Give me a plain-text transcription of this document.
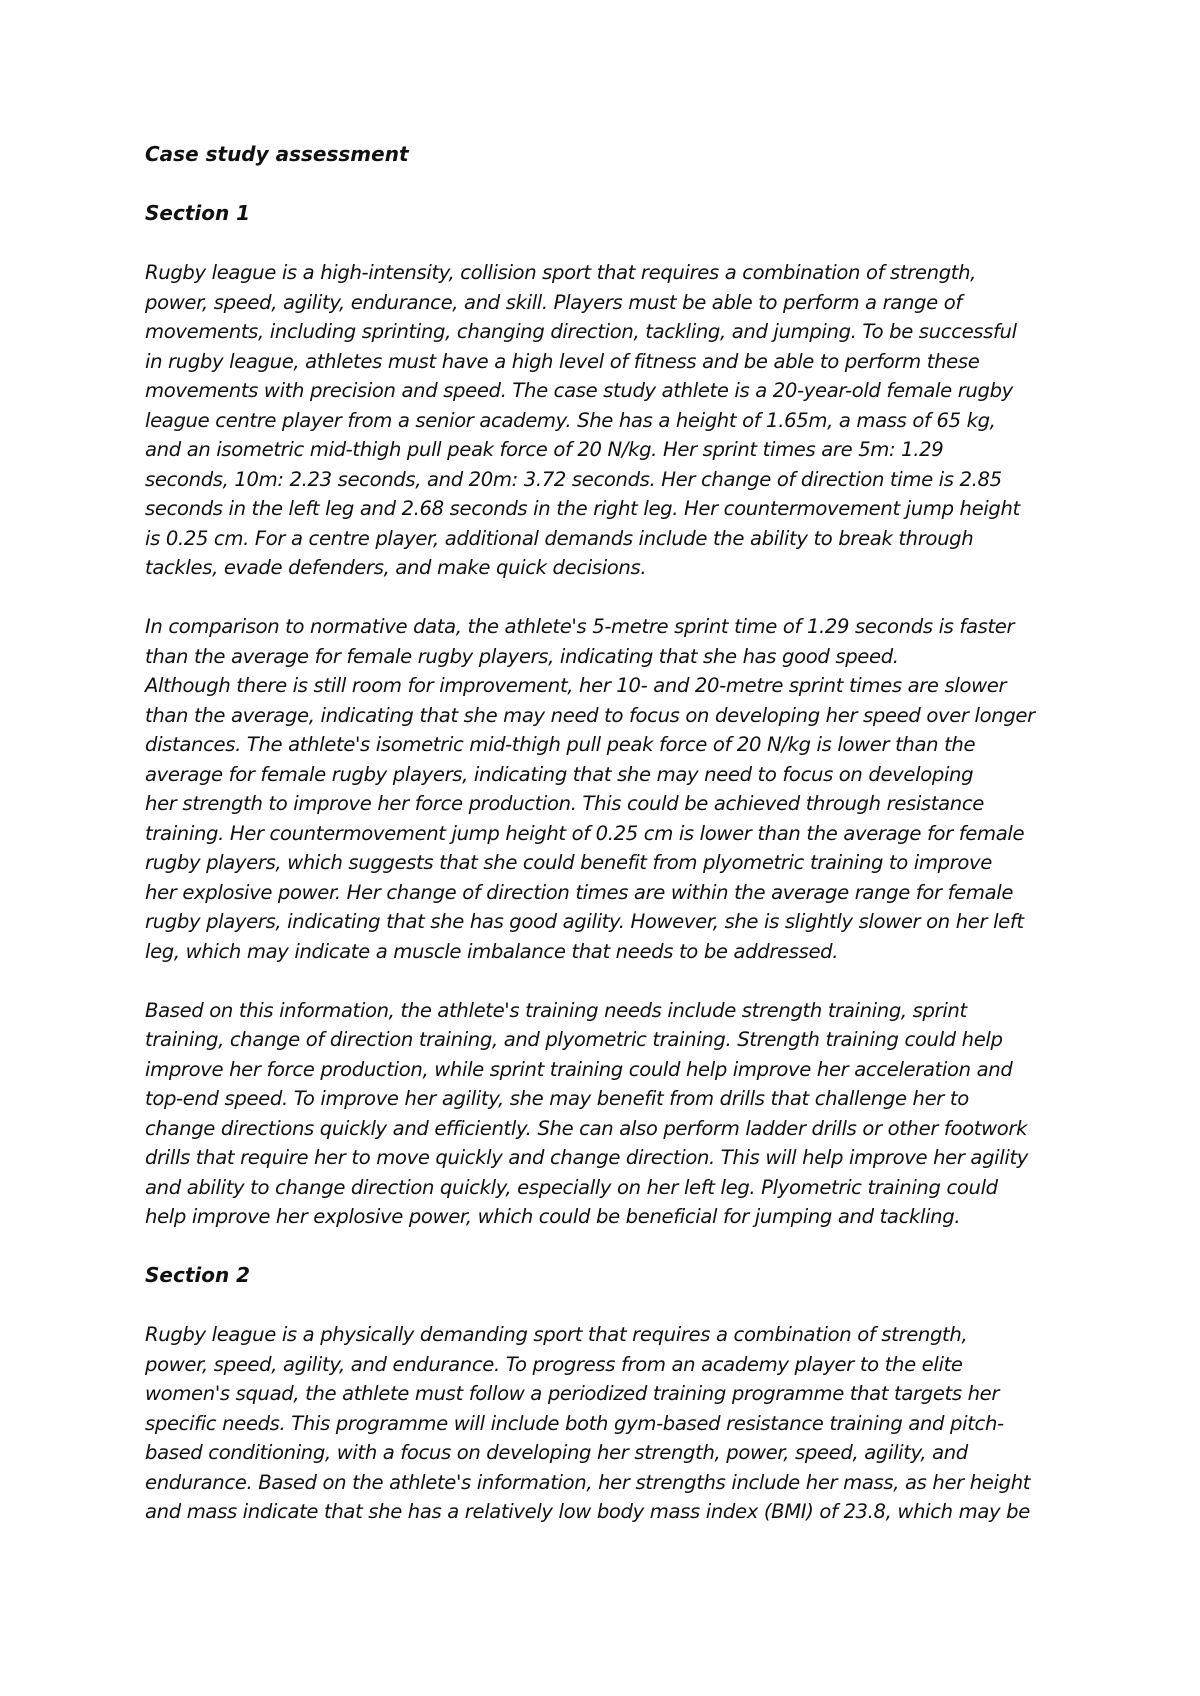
Case study assessment

Section 1

Rugby league is a high-intensity, collision sport that requires a combination of strength,
power, speed, agility, endurance, and skill. Players must be able to perform a range of
movements, including sprinting, changing direction, tackling, and jumping. To be successful
in rugby league, athletes must have a high level of fitness and be able to perform these
movements with precision and speed. The case study athlete is a 20-year-old female rugby
league centre player from a senior academy. She has a height of 1.65m, a mass of 65 kg,
and an isometric mid-thigh pull peak force of 20 N/kg. Her sprint times are 5m: 1.29
seconds, 10m: 2.23 seconds, and 20m: 3.72 seconds. Her change of direction time is 2.85
seconds in the left leg and 2.68 seconds in the right leg. Her countermovement jump height
is 0.25 cm. For a centre player, additional demands include the ability to break through
tackles, evade defenders, and make quick decisions.

In comparison to normative data, the athlete's 5-metre sprint time of 1.29 seconds is faster
than the average for female rugby players, indicating that she has good speed.
Although there is still room for improvement, her 10- and 20-metre sprint times are slower
than the average, indicating that she may need to focus on developing her speed over longer
distances. The athlete's isometric mid-thigh pull peak force of 20 N/kg is lower than the
average for female rugby players, indicating that she may need to focus on developing
her strength to improve her force production. This could be achieved through resistance
training. Her countermovement jump height of 0.25 cm is lower than the average for female
rugby players, which suggests that she could benefit from plyometric training to improve
her explosive power. Her change of direction times are within the average range for female
rugby players, indicating that she has good agility. However, she is slightly slower on her left
leg, which may indicate a muscle imbalance that needs to be addressed.

Based on this information, the athlete's training needs include strength training, sprint
training, change of direction training, and plyometric training. Strength training could help
improve her force production, while sprint training could help improve her acceleration and
top-end speed. To improve her agility, she may benefit from drills that challenge her to
change directions quickly and efficiently. She can also perform ladder drills or other footwork
drills that require her to move quickly and change direction. This will help improve her agility
and ability to change direction quickly, especially on her left leg. Plyometric training could
help improve her explosive power, which could be beneficial for jumping and tackling.

Section 2

Rugby league is a physically demanding sport that requires a combination of strength,
power, speed, agility, and endurance. To progress from an academy player to the elite
women's squad, the athlete must follow a periodized training programme that targets her
specific needs. This programme will include both gym-based resistance training and pitch-
based conditioning, with a focus on developing her strength, power, speed, agility, and
endurance. Based on the athlete's information, her strengths include her mass, as her height
and mass indicate that she has a relatively low body mass index (BMI) of 23.8, which may be
